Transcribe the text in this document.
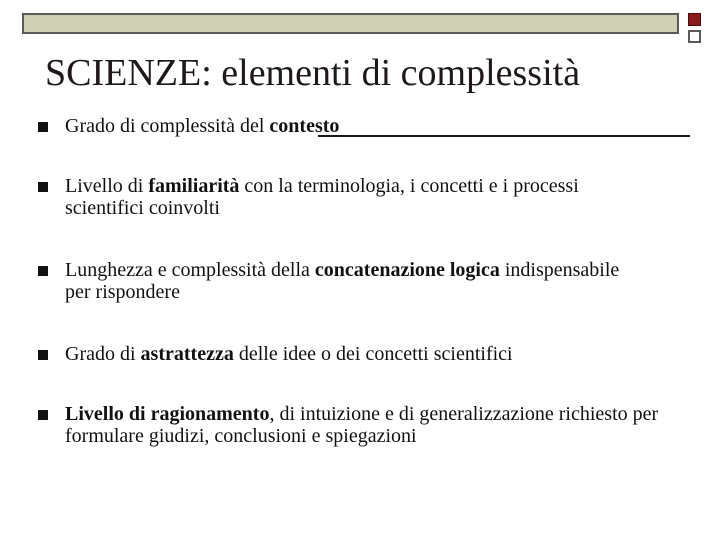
SCIENZE: elementi di complessità
Grado di complessità del contesto
Livello di familiarità con la terminologia, i concetti e i processi scientifici coinvolti
Lunghezza e complessità della concatenazione logica indispensabile per rispondere
Grado di astrattezza delle idee o dei concetti scientifici
Livello di ragionamento, di intuizione e di generalizzazione richiesto per formulare giudizi, conclusioni e spiegazioni
